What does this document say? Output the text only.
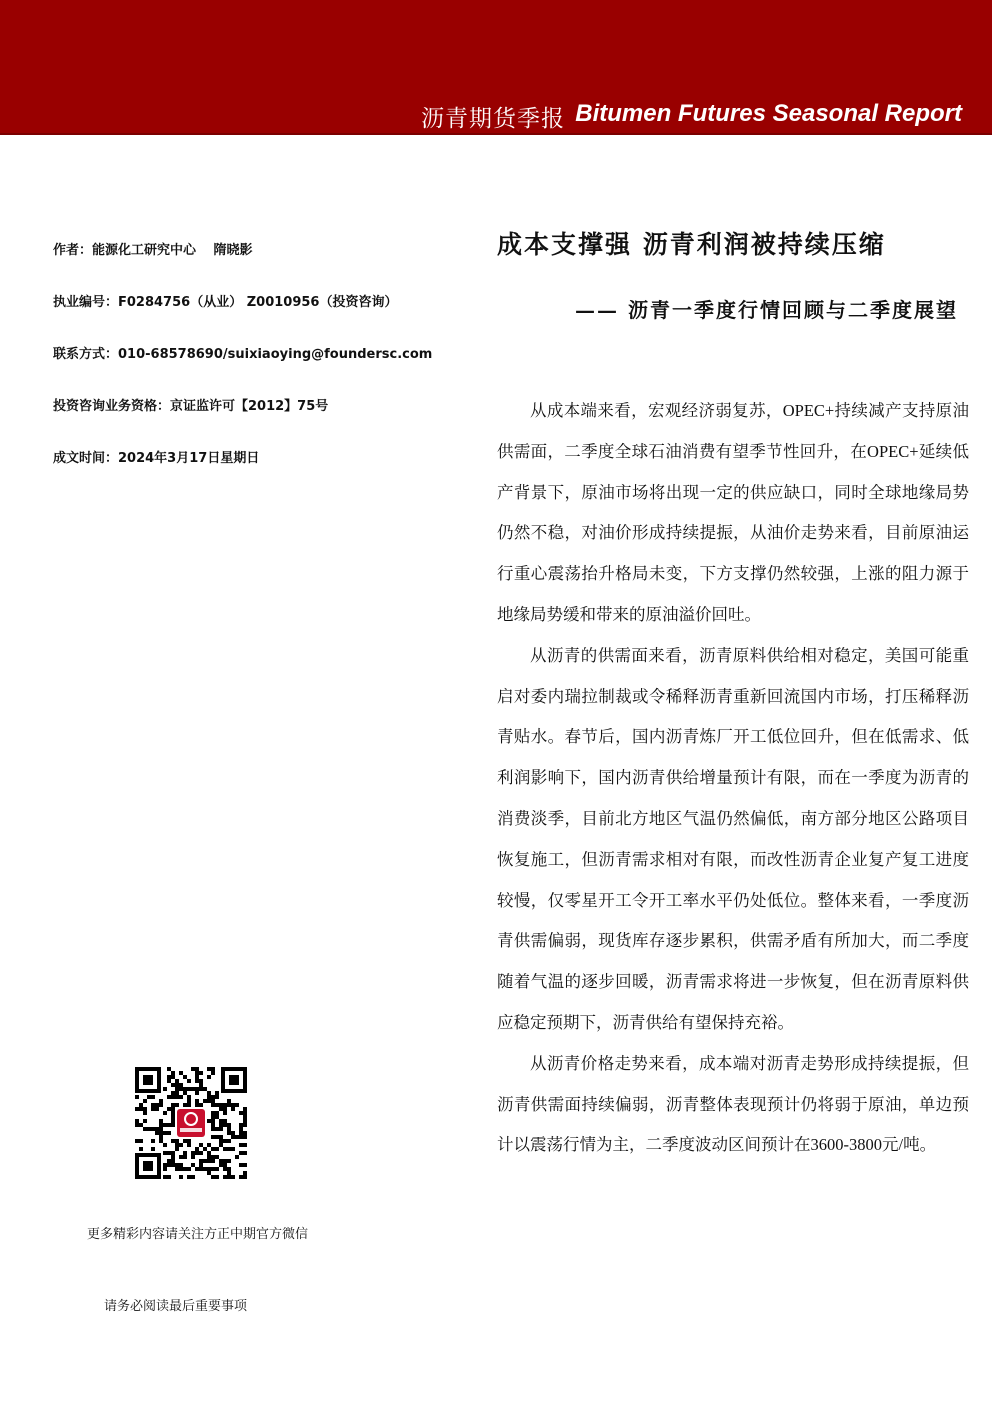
沥青期货季报 Bitumen Futures Seasonal Report
作者：能源化工研究中心　 隋晓影
执业编号：F0284756（从业） Z0010956（投资咨询）
联系方式：010-68578690/suixiaoying@foundersc.com
投资咨询业务资格：京证监许可【2012】75号
成文时间：2024年3月17日星期日
成本支撑强 沥青利润被持续压缩
—— 沥青一季度行情回顾与二季度展望

从成本端来看，宏观经济弱复苏，OPEC+持续减产支持原油供需面，二季度全球石油消费有望季节性回升，在OPEC+延续低产背景下，原油市场将出现一定的供应缺口，同时全球地缘局势仍然不稳，对油价形成持续提振，从油价走势来看，目前原油运行重心震荡抬升格局未变，下方支撑仍然较强，上涨的阻力源于地缘局势缓和带来的原油溢价回吐。

从沥青的供需面来看，沥青原料供给相对稳定，美国可能重启对委内瑞拉制裁或令稀释沥青重新回流国内市场，打压稀释沥青贴水。春节后，国内沥青炼厂开工低位回升，但在低需求、低利润影响下，国内沥青供给增量预计有限，而在一季度为沥青的消费淡季，目前北方地区气温仍然偏低，南方部分地区公路项目恢复施工，但沥青需求相对有限，而改性沥青企业复产复工进度较慢，仅零星开工令开工率水平仍处低位。整体来看，一季度沥青供需偏弱，现货库存逐步累积，供需矛盾有所加大，而二季度随着气温的逐步回暖，沥青需求将进一步恢复，但在沥青原料供应稳定预期下，沥青供给有望保持充裕。

从沥青价格走势来看，成本端对沥青走势形成持续提振，但沥青供需面持续偏弱，沥青整体表现预计仍将弱于原油，单边预计以震荡行情为主，二季度波动区间预计在3600-3800元/吨。

更多精彩内容请关注方正中期官方微信
请务必阅读最后重要事项
